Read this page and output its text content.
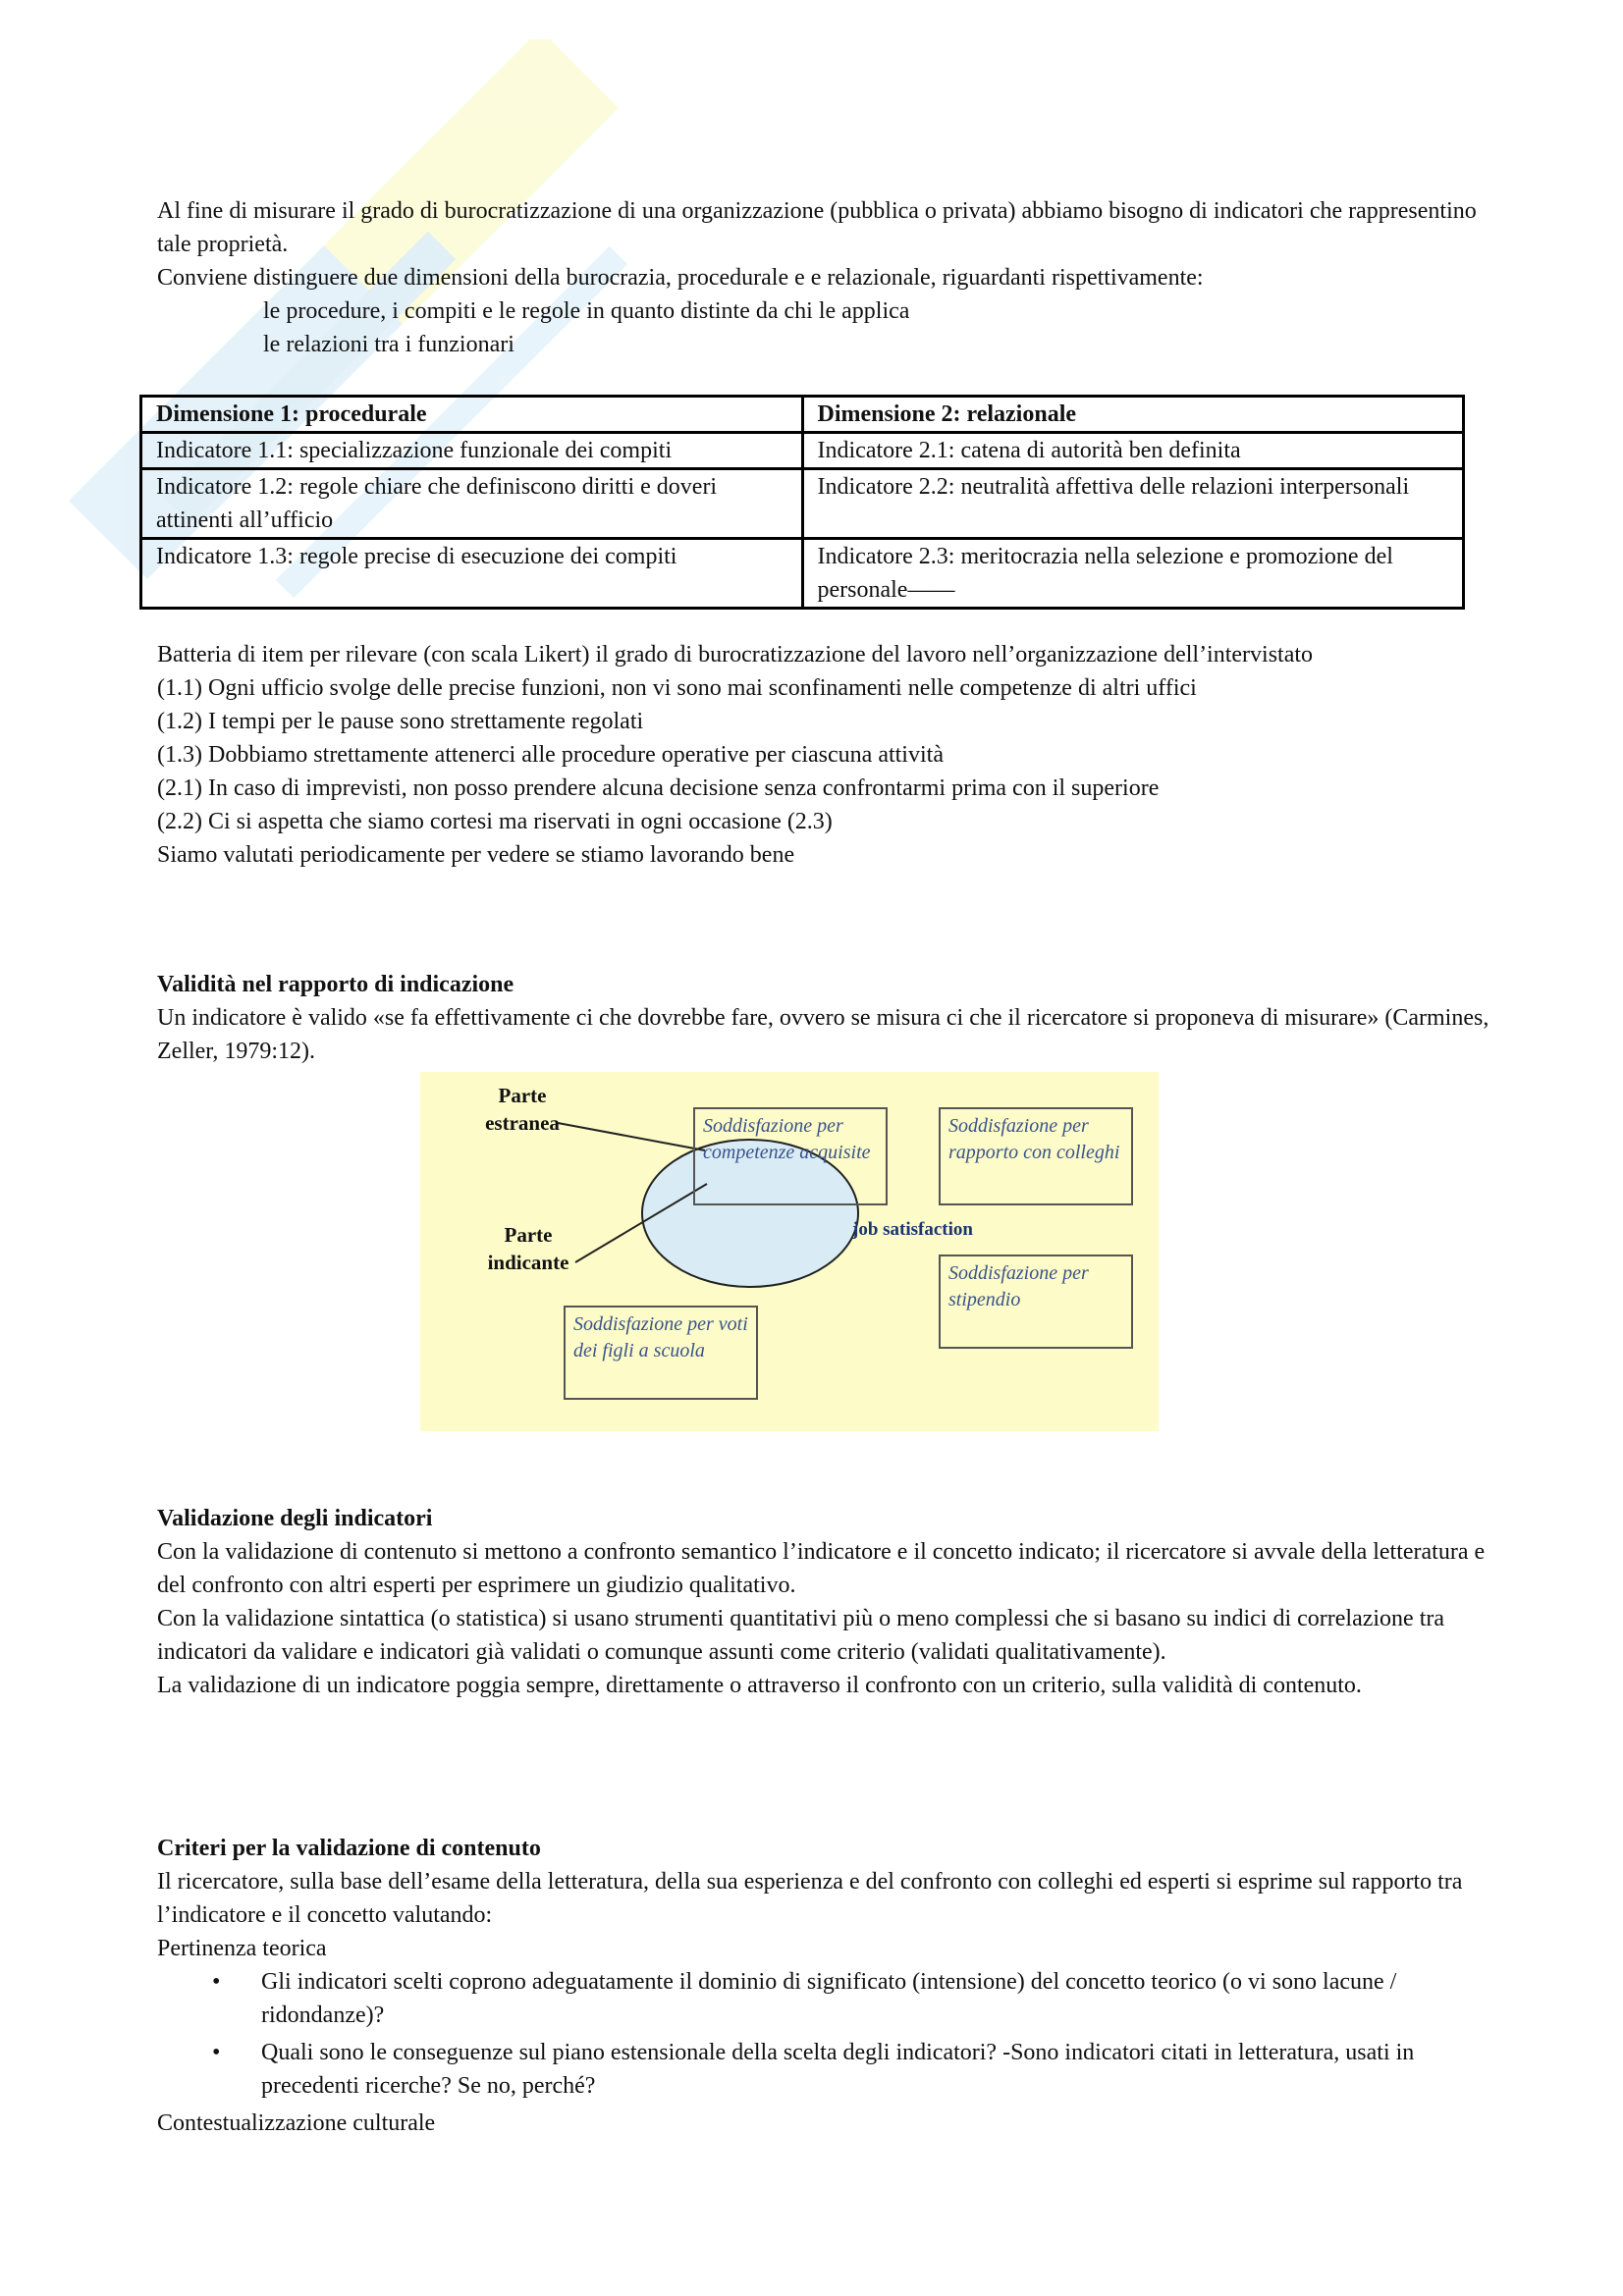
Al fine di misurare il grado di burocratizzazione di una organizzazione (pubblica o privata) abbiamo bisogno di indicatori che rappresentino tale proprietà.

Conviene distinguere due dimensioni della burocrazia, procedurale e e relazionale, riguardanti rispettivamente:

le procedure, i compiti e le regole in quanto distinte da chi le applica
le relazioni tra i funzionari
Dimensione 1: procedurale	Dimensione 2: relazionale
Indicatore 1.1: specializzazione funzionale dei compiti	Indicatore 2.1: catena di autorità ben definita
Indicatore 1.2: regole chiare che definiscono diritti e doveri attinenti all’ufficio	Indicatore 2.2: neutralità affettiva delle relazioni interpersonali
Indicatore 1.3: regole precise di esecuzione dei compiti	Indicatore 2.3: meritocrazia nella selezione e promozione del personale——

Batteria di item per rilevare (con scala Likert) il grado di burocratizzazione del lavoro nell’organizzazione dell’intervistato

(1.1) Ogni ufficio svolge delle precise funzioni, non vi sono mai sconfinamenti nelle competenze di altri uffici

(1.2) I tempi per le pause sono strettamente regolati

(1.3) Dobbiamo strettamente attenerci alle procedure operative per ciascuna attività

(2.1) In caso di imprevisti, non posso prendere alcuna decisione senza confrontarmi prima con il superiore

(2.2) Ci si aspetta che siamo cortesi ma riservati in ogni occasione (2.3)

Siamo valutati periodicamente per vedere se stiamo lavorando bene

Validità nel rapporto di indicazione

Un indicatore è valido «se fa effettivamente ci che dovrebbe fare, ovvero se misura ci che il ricercatore si proponeva di misurare» (Carmines, Zeller, 1979:12).

Parte estranea
Parte indicante
Soddisfazione per competenze acquisite
Soddisfazione per rapporto con colleghi
Soddisfazione per stipendio
Soddisfazione per voti dei figli a scuola
job satisfaction
Validazione degli indicatori

Con la validazione di contenuto si mettono a confronto semantico l’indicatore e il concetto indicato; il ricercatore si avvale della letteratura e del confronto con altri esperti per esprimere un giudizio qualitativo.

Con la validazione sintattica (o statistica) si usano strumenti quantitativi più o meno complessi che si basano su indici di correlazione tra indicatori da validare e indicatori già validati o comunque assunti come criterio (validati qualitativamente).

La validazione di un indicatore poggia sempre, direttamente o attraverso il confronto con un criterio, sulla validità di contenuto.

Criteri per la validazione di contenuto

Il ricercatore, sulla base dell’esame della letteratura, della sua esperienza e del confronto con colleghi ed esperti si esprime sul rapporto tra l’indicatore e il concetto valutando:

Pertinenza teorica

•	Gli indicatori scelti coprono adeguatamente il dominio di significato (intensione) del concetto teorico (o vi sono lacune / ridondanze)?
•	Quali sono le conseguenze sul piano estensionale della scelta degli indicatori? -Sono indicatori citati in letteratura, usati in precedenti ricerche? Se no, perché?

Contestualizzazione culturale
